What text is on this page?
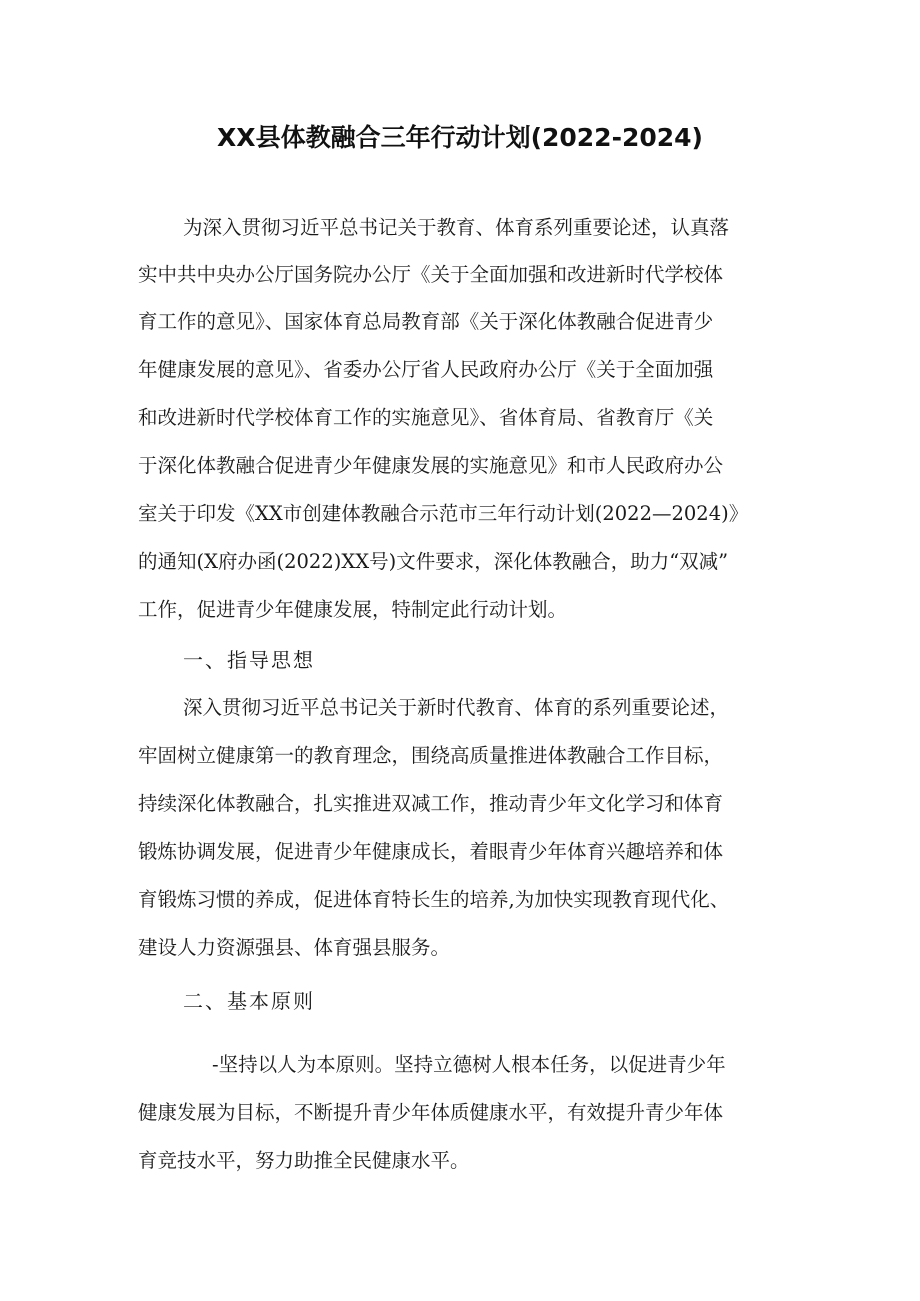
XX县体教融合三年行动计划(2022-2024)

为深入贯彻习近平总书记关于教育、体育系列重要论述，认真落

实中共中央办公厅国务院办公厅《关于全面加强和改进新时代学校体

育工作的意见》、国家体育总局教育部《关于深化体教融合促进青少

年健康发展的意见》、省委办公厅省人民政府办公厅《关于全面加强

和改进新时代学校体育工作的实施意见》、省体育局、省教育厅《关

于深化体教融合促进青少年健康发展的实施意见》和市人民政府办公

室关于印发《XX市创建体教融合示范市三年行动计划(2022—2024)》

的通知(X府办函(2022)XX号)文件要求，深化体教融合，助力“双减”

工作，促进青少年健康发展，特制定此行动计划。

一、指导思想

深入贯彻习近平总书记关于新时代教育、体育的系列重要论述，

牢固树立健康第一的教育理念，围绕高质量推进体教融合工作目标，

持续深化体教融合，扎实推进双减工作，推动青少年文化学习和体育

锻炼协调发展，促进青少年健康成长，着眼青少年体育兴趣培养和体

育锻炼习惯的养成，促进体育特长生的培养,为加快实现教育现代化、

建设人力资源强县、体育强县服务。

二、基本原则

-坚持以人为本原则。坚持立德树人根本任务，以促进青少年

健康发展为目标，不断提升青少年体质健康水平，有效提升青少年体

育竞技水平，努力助推全民健康水平。
